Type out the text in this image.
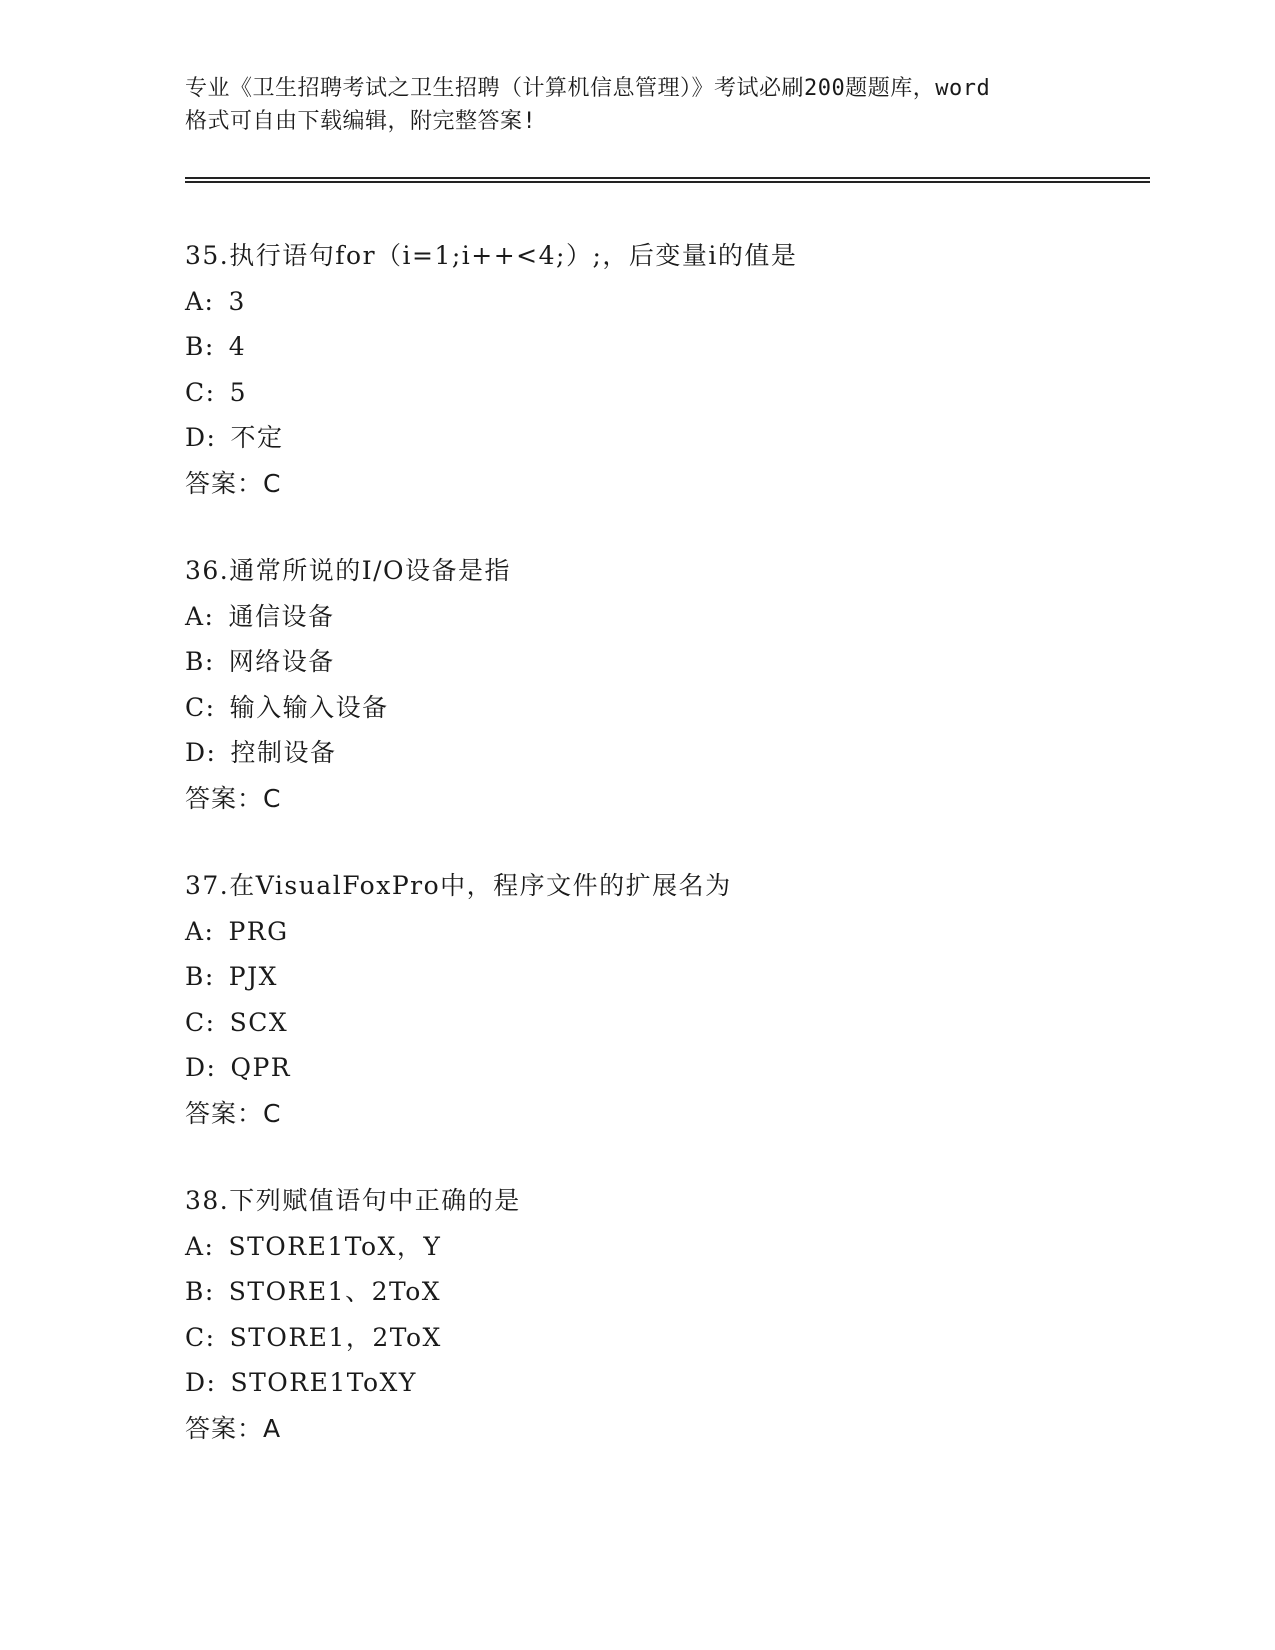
专业《卫生招聘考试之卫生招聘（计算机信息管理）》考试必刷200题题库，word
格式可自由下载编辑，附完整答案!
35.执行语句for（i=1;i++<4;）;，后变量i的值是
A: 3
B: 4
C: 5
D: 不定
答案：C
36.通常所说的I/O设备是指
A: 通信设备
B: 网络设备
C: 输入输入设备
D: 控制设备
答案：C
37.在VisualFoxPro中，程序文件的扩展名为
A: PRG
B: PJX
C: SCX
D: QPR
答案：C
38.下列赋值语句中正确的是
A: STORE1ToX，Y
B: STORE1、2ToX
C: STORE1，2ToX
D: STORE1ToXY
答案：A
